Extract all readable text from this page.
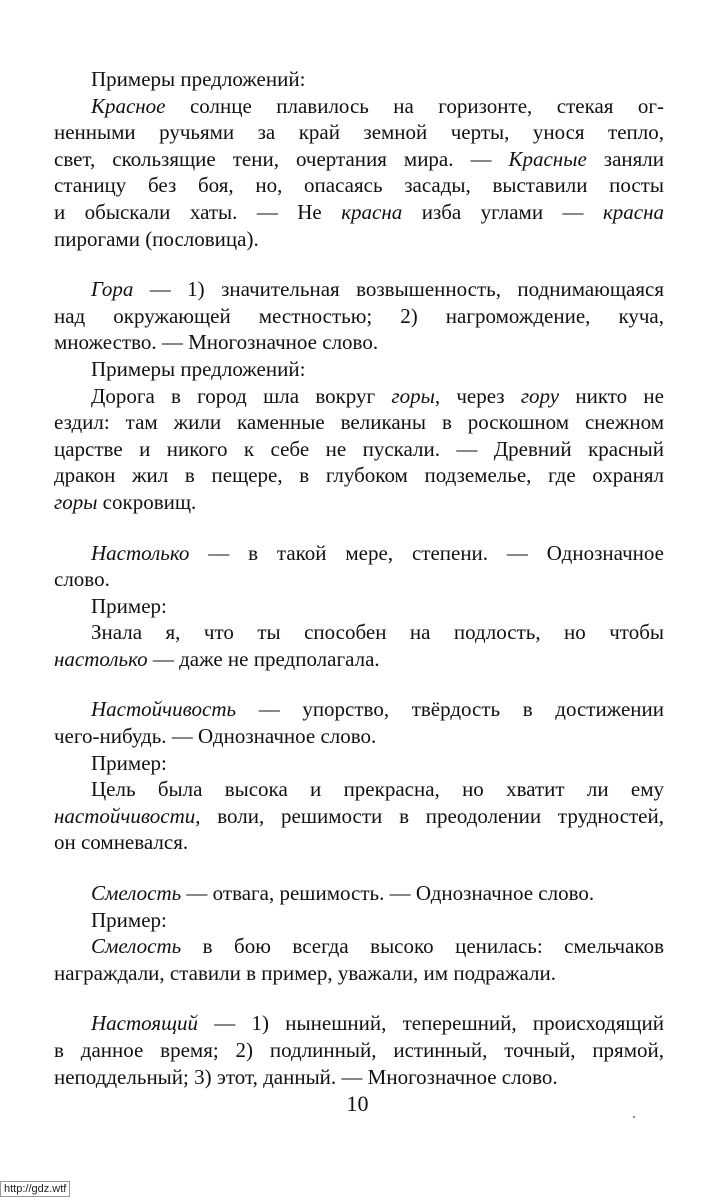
Примеры предложений:
Красное солнце плавилось на горизонте, стекая ог-
ненными ручьями за край земной черты, унося тепло,
свет, скользящие тени, очертания мира. — Красные заняли
станицу без боя, но, опасаясь засады, выставили посты
и обыскали хаты. — Не красна изба углами — красна
пирогами (пословица).
Гора — 1) значительная возвышенность, поднимающаяся
над окружающей местностью; 2) нагромождение, куча,
множество. — Многозначное слово.
Примеры предложений:
Дорога в город шла вокруг горы, через гору никто не
ездил: там жили каменные великаны в роскошном снежном
царстве и никого к себе не пускали. — Древний красный
дракон жил в пещере, в глубоком подземелье, где охранял
горы сокровищ.
Настолько — в такой мере, степени. — Однозначное
слово.
Пример:
Знала я, что ты способен на подлость, но чтобы
настолько — даже не предполагала.
Настойчивость — упорство, твёрдость в достижении
чего-нибудь. — Однозначное слово.
Пример:
Цель была высока и прекрасна, но хватит ли ему
настойчивости, воли, решимости в преодолении трудностей,
он сомневался.
Смелость — отвага, решимость. — Однозначное слово.
Пример:
Смелость в бою всегда высоко ценилась: смельчаков
награждали, ставили в пример, уважали, им подражали.
Настоящий — 1) нынешний, теперешний, происходящий
в данное время; 2) подлинный, истинный, точный, прямой,
неподдельный; 3) этот, данный. — Многозначное слово.
10
http://gdz.wtf
